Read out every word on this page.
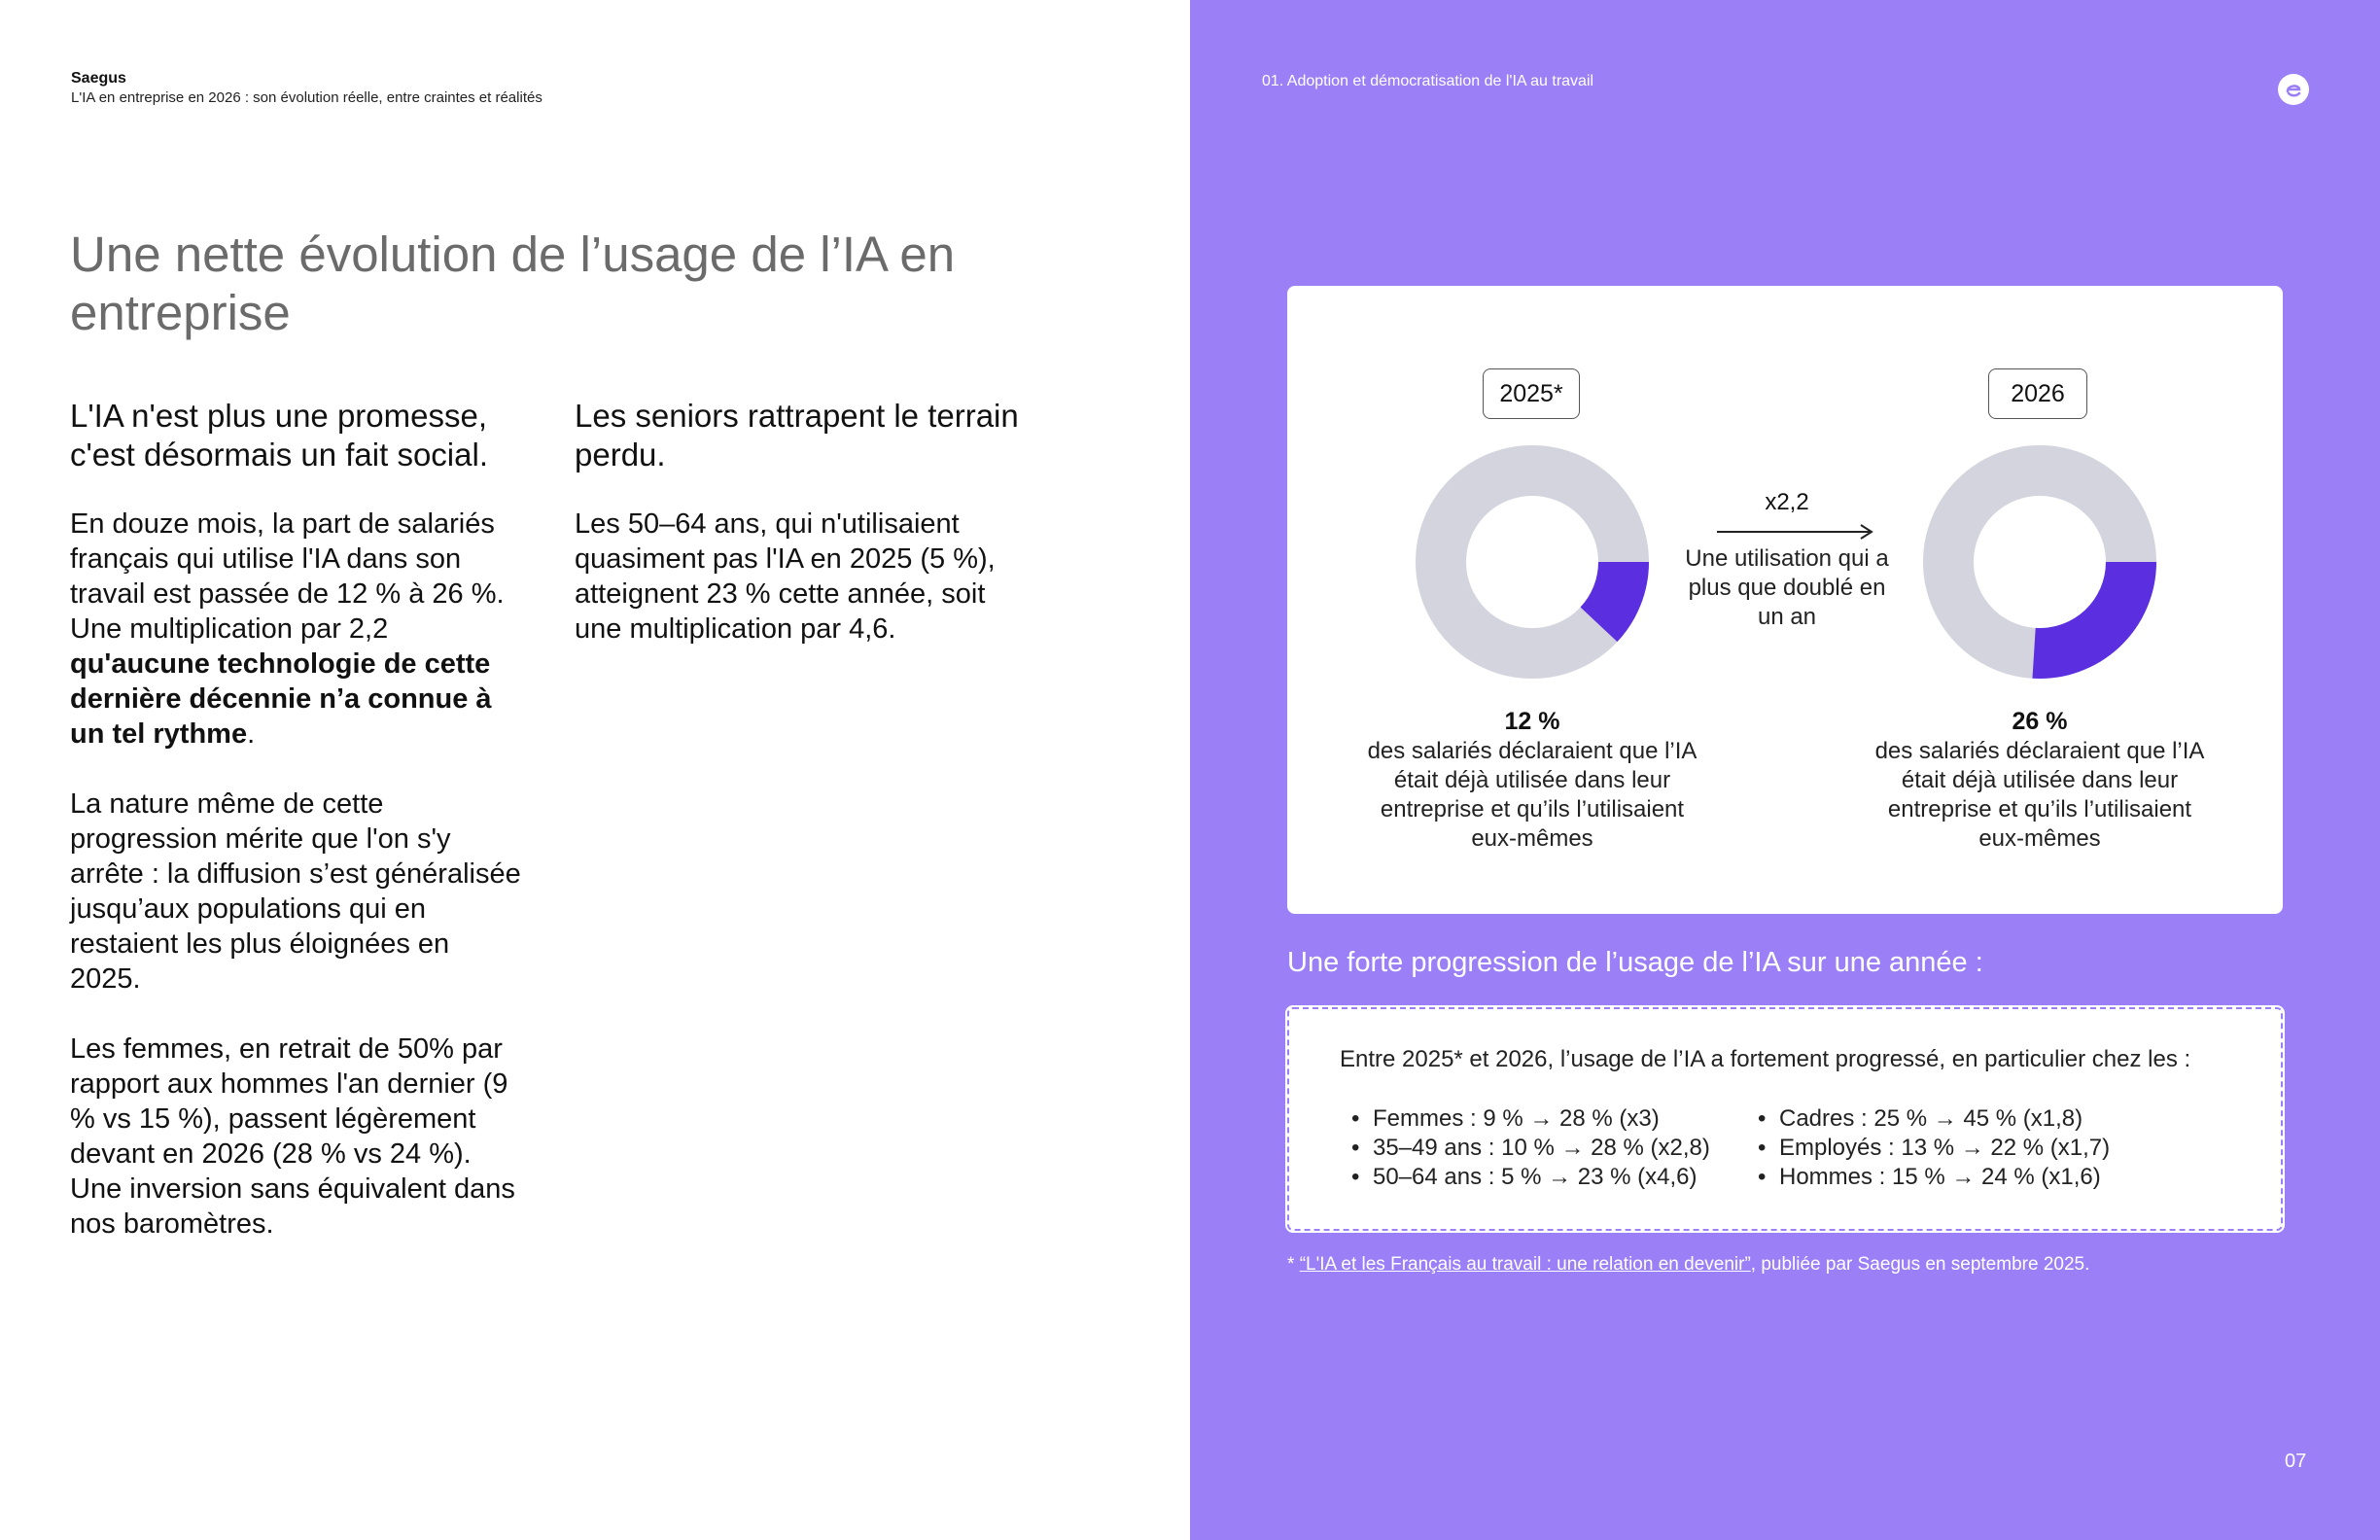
Saegus
L'IA en entreprise en 2026 : son évolution réelle, entre craintes et réalités
Une nette évolution de l’usage de l’IA en entreprise
L'IA n'est plus une promesse, c'est désormais un fait social.

En douze mois, la part de salariés français qui utilise l'IA dans son travail est passée de 12 % à 26 %. Une multiplication par 2,2 qu'aucune technologie de cette dernière décennie n’a connue à un tel rythme.

La nature même de cette progression mérite que l'on s'y arrête : la diffusion s’est généralisée jusqu’aux populations qui en restaient les plus éloignées en 2025.

Les femmes, en retrait de 50% par rapport aux hommes l'an dernier (9 % vs 15 %), passent légèrement devant en 2026 (28 % vs 24 %). Une inversion sans équivalent dans nos baromètres.

Les seniors rattrapent le terrain perdu.

Les 50–64 ans, qui n'utilisaient quasiment pas l'IA en 2025 (5 %), atteignent 23 % cette année, soit une multiplication par 4,6.

01. Adoption et démocratisation de l'IA au travail
2025*	2026
x2,2
Une utilisation qui a plus que doublé en un an
12 %
des salariés déclaraient que l’IA était déjà utilisée dans leur entreprise et qu’ils l’utilisaient eux-mêmes
26 %
des salariés déclaraient que l’IA était déjà utilisée dans leur entreprise et qu’ils l’utilisaient eux-mêmes
Une forte progression de l’usage de l’IA sur une année :
Entre 2025* et 2026, l’usage de l’IA a fortement progressé, en particulier chez les :
• Femmes : 9 % → 28 % (x3)
• 35–49 ans : 10 % → 28 % (x2,8)
• 50–64 ans : 5 % → 23 % (x4,6)
• Cadres : 25 % → 45 % (x1,8)
• Employés : 13 % → 22 % (x1,7)
• Hommes : 15 % → 24 % (x1,6)
* “L'IA et les Français au travail : une relation en devenir”, publiée par Saegus en septembre 2025.
07
